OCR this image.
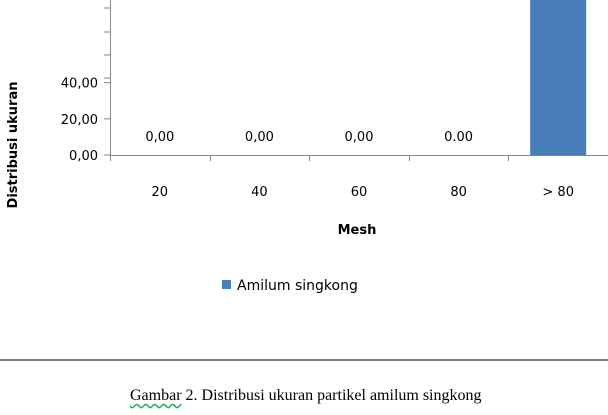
0,00
20,00
40,00
20	40	60	80	> 80
0,00	0,00	0,00	0.00
Distribusi ukuran
Mesh
Amilum singkong
Gambar 2. Distribusi ukuran partikel amilum singkong
